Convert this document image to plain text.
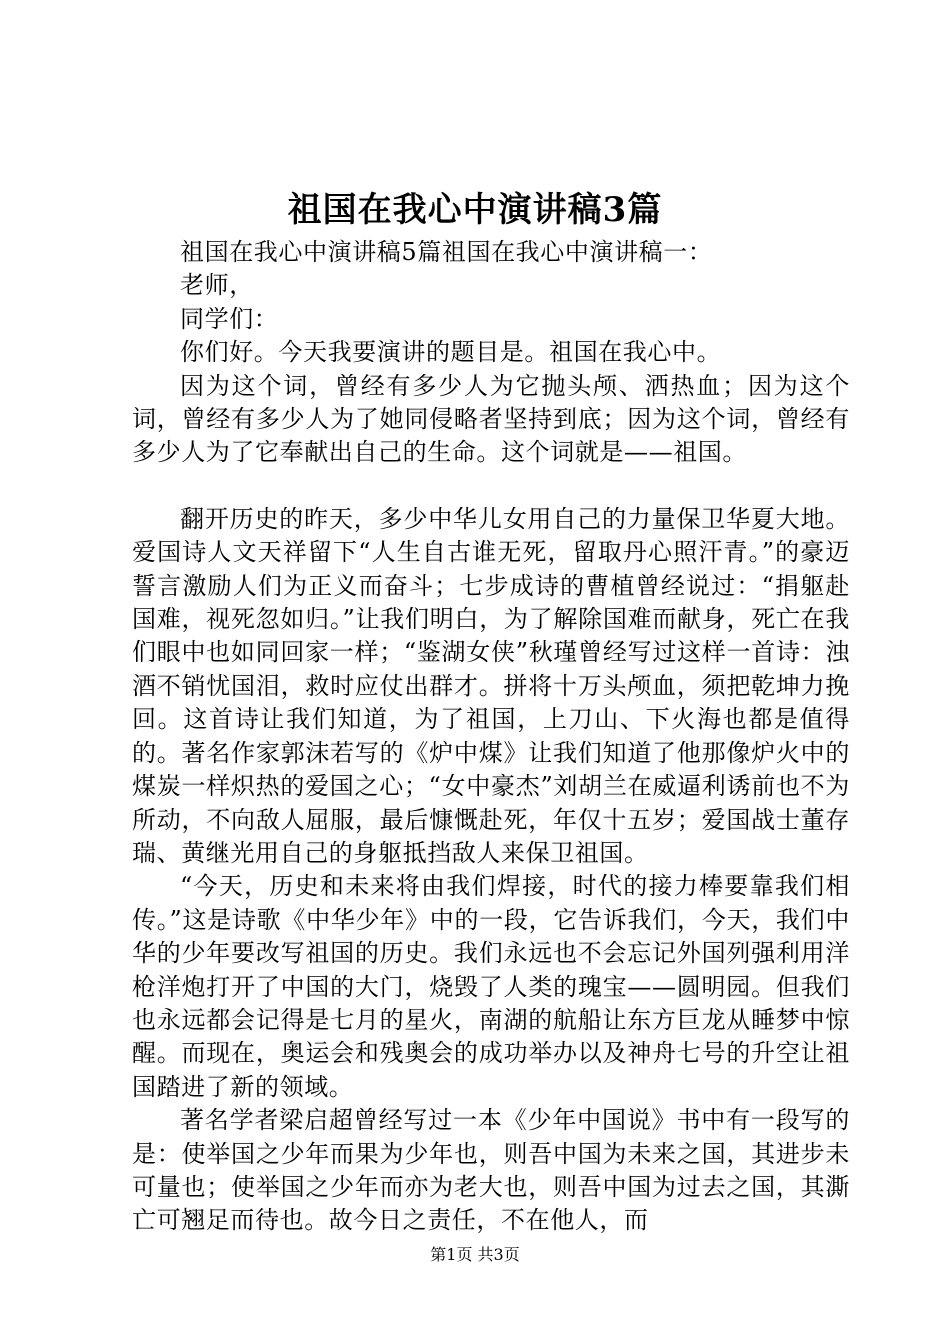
祖国在我心中演讲稿3篇

祖国在我心中演讲稿5篇祖国在我心中演讲稿一：

老师，

同学们：

你们好。今天我要演讲的题目是。祖国在我心中。

因为这个词，曾经有多少人为它抛头颅、洒热血；因为这个词，曾经有多少人为了她同侵略者坚持到底；因为这个词，曾经有多少人为了它奉献出自己的生命。这个词就是——祖国。

翻开历史的昨天，多少中华儿女用自己的力量保卫华夏大地。爱国诗人文天祥留下“人生自古谁无死，留取丹心照汗青。”的豪迈誓言激励人们为正义而奋斗；七步成诗的曹植曾经说过：“捐躯赴国难，视死忽如归。”让我们明白，为了解除国难而献身，死亡在我们眼中也如同回家一样；“鉴湖女侠”秋瑾曾经写过这样一首诗：浊酒不销忧国泪，救时应仗出群才。拼将十万头颅血，须把乾坤力挽回。这首诗让我们知道，为了祖国，上刀山、下火海也都是值得的。著名作家郭沫若写的《炉中煤》让我们知道了他那像炉火中的煤炭一样炽热的爱国之心；“女中豪杰”刘胡兰在威逼利诱前也不为所动，不向敌人屈服，最后慷慨赴死，年仅十五岁；爱国战士董存瑞、黄继光用自己的身躯抵挡敌人来保卫祖国。

“今天，历史和未来将由我们焊接，时代的接力棒要靠我们相传。”这是诗歌《中华少年》中的一段，它告诉我们，今天，我们中华的少年要改写祖国的历史。我们永远也不会忘记外国列强利用洋枪洋炮打开了中国的大门，烧毁了人类的瑰宝——圆明园。但我们也永远都会记得是七月的星火，南湖的航船让东方巨龙从睡梦中惊醒。而现在，奥运会和残奥会的成功举办以及神舟七号的升空让祖国踏进了新的领域。

著名学者梁启超曾经写过一本《少年中国说》书中有一段写的是：使举国之少年而果为少年也，则吾中国为未来之国，其进步未可量也；使举国之少年而亦为老大也，则吾中国为过去之国，其澌亡可翘足而待也。故今日之责任，不在他人，而

第1页 共3页
